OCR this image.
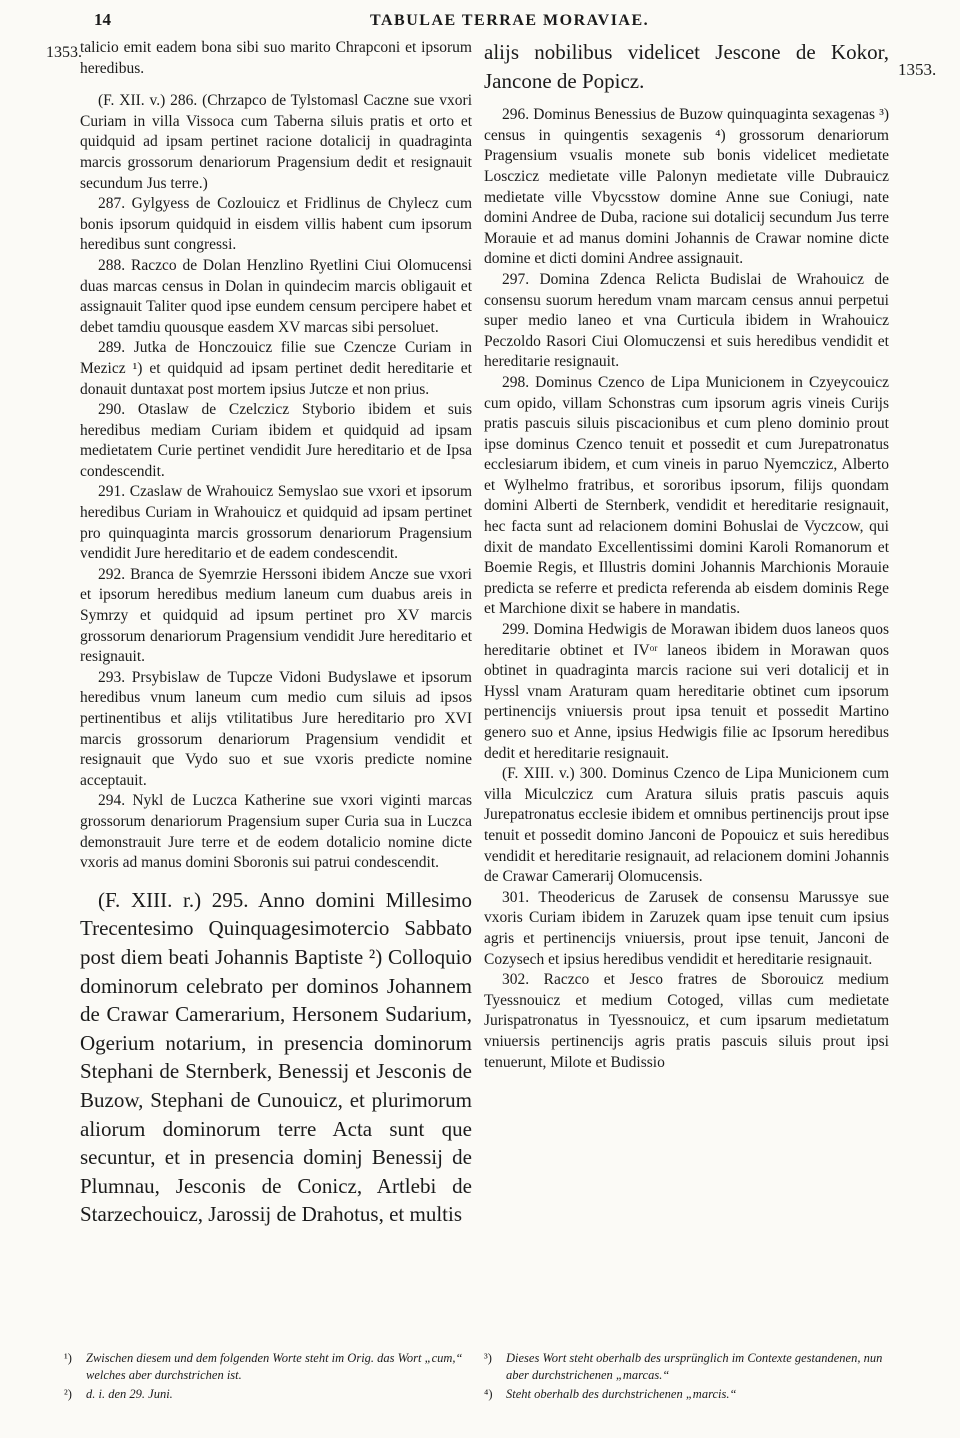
14	TABULAE TERRAE MORAVIAE.
1353.
1353.

talicio emit eadem bona sibi suo marito Chrapconi et ipsorum heredibus.

(F. XII. v.) 286. (Chrzapco de Tylstomasl Caczne sue vxori Curiam in villa Vissoca cum Taberna siluis pratis et orto et quidquid ad ipsam pertinet racione dotalicij in quadraginta marcis grossorum denariorum Pragensium dedit et resignauit secundum Jus terre.)

287. Gylgyess de Cozlouicz et Fridlinus de Chylecz cum bonis ipsorum quidquid in eisdem villis habent cum ipsorum heredibus sunt congressi.

288. Raczco de Dolan Henzlino Ryetlini Ciui Olomucensi duas marcas census in Dolan in quindecim marcis obligauit et assignauit Taliter quod ipse eundem censum percipere habet et debet tamdiu quousque easdem XV marcas sibi persoluet.

289. Jutka de Honczouicz filie sue Czencze Curiam in Mezicz ¹) et quidquid ad ipsam pertinet dedit hereditarie et donauit duntaxat post mortem ipsius Jutcze et non prius.

290. Otaslaw de Czelczicz Styborio ibidem et suis heredibus mediam Curiam ibidem et quidquid ad ipsam medietatem Curie pertinet vendidit Jure hereditario et de Ipsa condescendit.

291. Czaslaw de Wrahouicz Semyslao sue vxori et ipsorum heredibus Curiam in Wrahouicz et quidquid ad ipsam pertinet pro quinquaginta marcis grossorum denariorum Pragensium vendidit Jure hereditario et de eadem condescendit.

292. Branca de Syemrzie Herssoni ibidem Ancze sue vxori et ipsorum heredibus medium laneum cum duabus areis in Symrzy et quidquid ad ipsum pertinet pro XV marcis grossorum denariorum Pragensium vendidit Jure hereditario et resignauit.

293. Prsybislaw de Tupcze Vidoni Budyslawe et ipsorum heredibus vnum laneum cum medio cum siluis ad ipsos pertinentibus et alijs vtilitatibus Jure hereditario pro XVI marcis grossorum denariorum Pragensium vendidit et resignauit que Vydo suo et sue vxoris predicte nomine acceptauit.

294. Nykl de Luczca Katherine sue vxori viginti marcas grossorum denariorum Pragensium super Curia sua in Luczca demonstrauit Jure terre et de eodem dotalicio nomine dicte vxoris ad manus domini Sboronis sui patrui condescendit.

(F. XIII. r.) 295. Anno domini Millesimo Trecentesimo Quinquagesimotercio Sabbato post diem beati Johannis Baptiste ²) Colloquio dominorum celebrato per dominos Johannem de Crawar Camerarium, Hersonem Sudarium, Ogerium notarium, in presencia dominorum Stephani de Sternberk, Benessij et Jesconis de Buzow, Stephani de Cunouicz, et plurimorum aliorum dominorum terre Acta sunt que secuntur, et in presencia dominj Benessij de Plumnau, Jesconis de Conicz, Artlebi de Starzechouicz, Jarossij de Drahotus, et multis

alijs nobilibus videlicet Jescone de Kokor, Jancone de Popicz.

296. Dominus Benessius de Buzow quinquaginta sexagenas ³) census in quingentis sexagenis ⁴) grossorum denariorum Pragensium vsualis monete sub bonis videlicet medietate Losczicz medietate ville Palonyn medietate ville Dubrauicz medietate ville Vbycsstow domine Anne sue Coniugi, nate domini Andree de Duba, racione sui dotalicij secundum Jus terre Morauie et ad manus domini Johannis de Crawar nomine dicte domine et dicti domini Andree assignauit.

297. Domina Zdenca Relicta Budislai de Wrahouicz de consensu suorum heredum vnam marcam census annui perpetui super medio laneo et vna Curticula ibidem in Wrahouicz Peczoldo Rasori Ciui Olomuczensi et suis heredibus vendidit et hereditarie resignauit.

298. Dominus Czenco de Lipa Municionem in Czyeycouicz cum opido, villam Schonstras cum ipsorum agris vineis Curijs pratis pascuis siluis piscacionibus et cum pleno dominio prout ipse dominus Czenco tenuit et possedit et cum Jurepatronatus ecclesiarum ibidem, et cum vineis in paruo Nyemczicz, Alberto et Wylhelmo fratribus, et sororibus ipsorum, filijs quondam domini Alberti de Sternberk, vendidit et hereditarie resignauit, hec facta sunt ad relacionem domini Bohuslai de Vyczcow, qui dixit de mandato Excellentissimi domini Karoli Romanorum et Boemie Regis, et Illustris domini Johannis Marchionis Morauie predicta se referre et predicta referenda ab eisdem dominis Rege et Marchione dixit se habere in mandatis.

299. Domina Hedwigis de Morawan ibidem duos laneos quos hereditarie obtinet et IVᵒʳ laneos ibidem in Morawan quos obtinet in quadraginta marcis racione sui veri dotalicij et in Hyssl vnam Araturam quam hereditarie obtinet cum ipsorum pertinencijs vniuersis prout ipsa tenuit et possedit Martino genero suo et Anne, ipsius Hedwigis filie ac Ipsorum heredibus dedit et hereditarie resignauit.

(F. XIII. v.) 300. Dominus Czenco de Lipa Municionem cum villa Miculczicz cum Aratura siluis pratis pascuis aquis Jurepatronatus ecclesie ibidem et omnibus pertinencijs prout ipse tenuit et possedit domino Janconi de Popouicz et suis heredibus vendidit et hereditarie resignauit, ad relacionem domini Johannis de Crawar Camerarij Olomucensis.

301. Theodericus de Zarusek de consensu Marussye sue vxoris Curiam ibidem in Zaruzek quam ipse tenuit cum ipsius agris et pertinencijs vniuersis, prout ipse tenuit, Janconi de Cozysech et ipsius heredibus vendidit et hereditarie resignauit.

302. Raczco et Jesco fratres de Sborouicz medium Tyessnouicz et medium Cotoged, villas cum medietate Jurispatronatus in Tyessnouicz, et cum ipsarum medietatum vniuersis pertinencijs agris pratis pascuis siluis prout ipsi tenuerunt, Milote et Budissio

¹)	Zwischen diesem und dem folgenden Worte steht im Orig. das Wort „cum,“ welches aber durchstrichen ist.
²)	d. i. den 29. Juni.
³)	Dieses Wort steht oberhalb des ursprünglich im Contexte gestandenen, nun aber durchstrichenen „marcas.“
⁴)	Steht oberhalb des durchstrichenen „marcis.“
